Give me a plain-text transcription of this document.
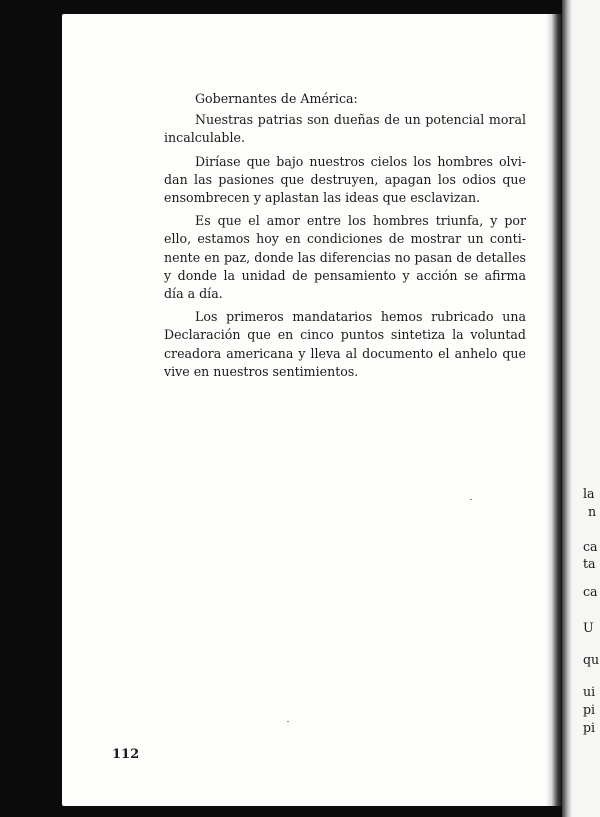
Gobernantes de América:

Nuestras patrias son dueñas de un potencial moral incalculable.

Diríase que bajo nuestros cielos los hombres olvidan las pasiones que destruyen, apagan los odios que ensombrecen y aplastan las ideas que esclavizan.

Es que el amor entre los hombres triunfa, y por ello, estamos hoy en condiciones de mostrar un continente en paz, donde las diferencias no pasan de detalles y donde la unidad de pensamiento y acción se afirma día a día.

Los primeros mandatarios hemos rubricado una Declaración que en cinco puntos sintetiza la voluntad creadora americana y lleva al documento el anhelo que vive en nuestros sentimientos.

112
la
n
ca
ta
ca
U
qu
ui
pi
pi
